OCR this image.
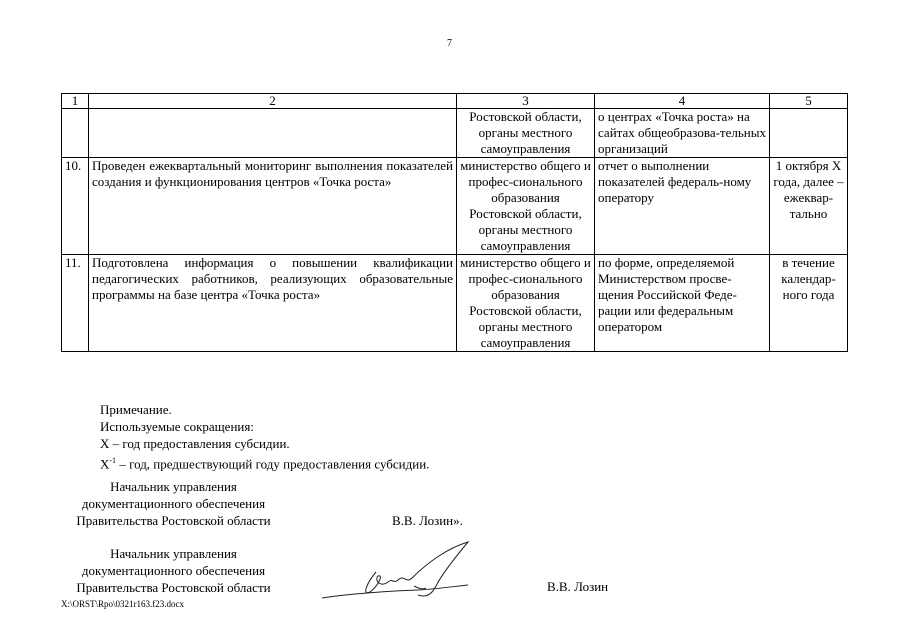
7
1	2	3	4	5
		Ростовской области, органы местного самоуправления	о центрах «Точка роста» на сайтах общеобразова-тельных организаций	
10.	Проведен ежеквартальный мониторинг выполнения показателей создания и функционирования центров «Точка роста»	министерство общего и профес-сионального образования Ростовской области, органы местного самоуправления	отчет о выполнении показателей федераль-ному оператору	1 октября X года, далее – ежеквар-тально
11.	Подготовлена информация о повышении квалификации педагогических работников, реализующих образовательные программы на базе центра «Точка роста»	министерство общего и профес-сионального образования Ростовской области, органы местного самоуправления	по форме, определяемой Министерством просве-щения Российской Феде-рации или федеральным оператором	в течение календар-ного года
Примечание.
Используемые сокращения:
X – год предоставления субсидии.
$X^{-1}$ – год, предшествующий году предоставления субсидии.
Начальник управления
документационного обеспечения
Правительства Ростовской области	В.В. Лозин».
Начальник управления
документационного обеспечения
Правительства Ростовской области	В.В. Лозин
X:\ORST\Rpo\0321r163.f23.docx
